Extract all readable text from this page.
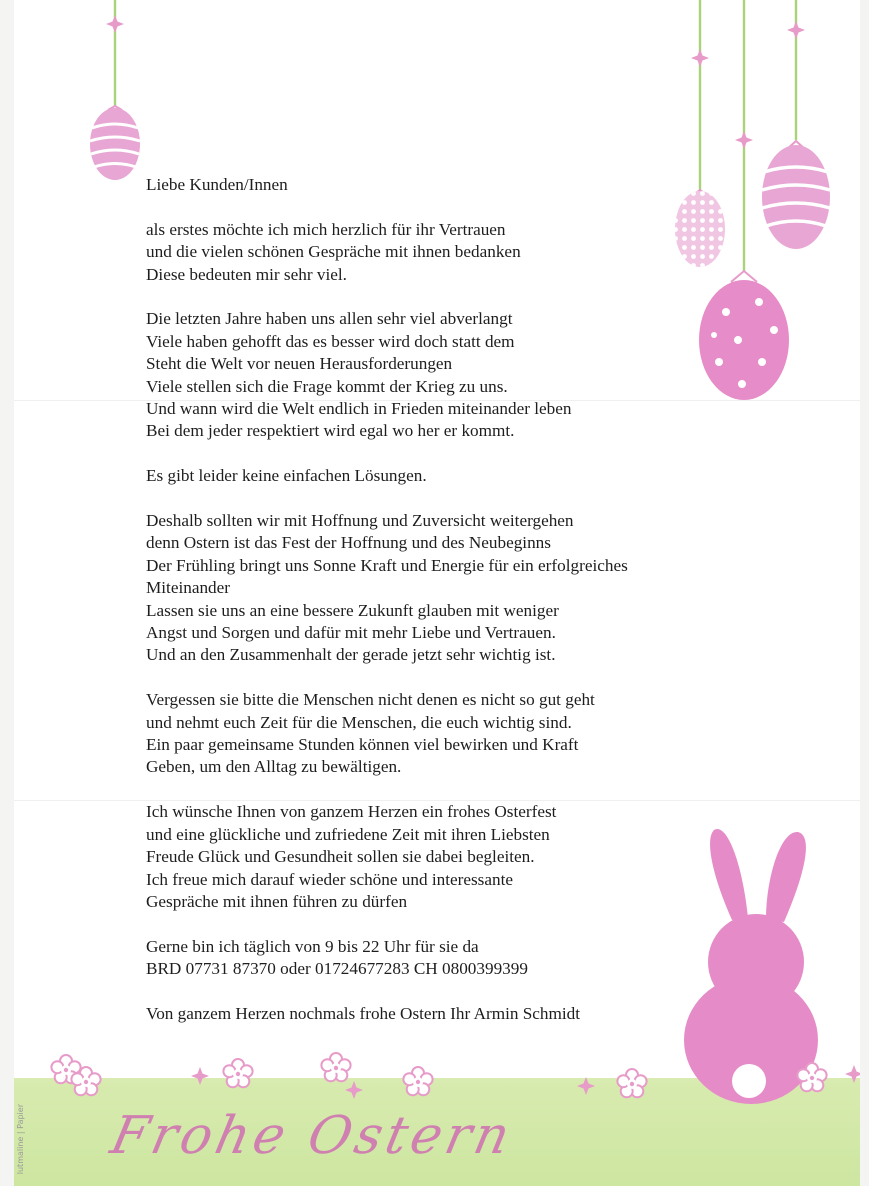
Frohe Ostern
lutmaline | Papier
Liebe Kunden/Innen
als erstes möchte ich mich herzlich für ihr Vertrauen
und die vielen schönen Gespräche mit ihnen bedanken
Diese bedeuten mir sehr viel.
Die letzten Jahre haben uns allen sehr viel abverlangt
Viele haben gehofft das es besser wird doch statt dem
Steht die Welt vor neuen Herausforderungen
Viele stellen sich die Frage kommt der Krieg zu uns.
Und wann wird die Welt endlich in Frieden miteinander leben
Bei dem jeder respektiert wird egal wo her er kommt.
Es gibt leider keine einfachen Lösungen.
Deshalb sollten wir mit Hoffnung und Zuversicht weitergehen
denn Ostern ist das Fest der Hoffnung und des Neubeginns
Der Frühling bringt uns Sonne Kraft und Energie für ein erfolgreiches
Miteinander
Lassen sie uns an eine bessere Zukunft glauben mit weniger
Angst und Sorgen und dafür mit mehr Liebe und Vertrauen.
Und an den Zusammenhalt der gerade jetzt sehr wichtig ist.
Vergessen sie bitte die Menschen nicht denen es nicht so gut geht
und nehmt euch Zeit für die Menschen, die euch wichtig sind.
Ein paar gemeinsame Stunden können viel bewirken und Kraft
Geben, um den Alltag zu bewältigen.
Ich wünsche Ihnen von ganzem Herzen ein frohes Osterfest
und eine glückliche und zufriedene Zeit mit ihren Liebsten
Freude Glück und Gesundheit sollen sie dabei begleiten.
Ich freue mich darauf wieder schöne und interessante
Gespräche mit ihnen führen zu dürfen
Gerne bin ich täglich von 9 bis 22 Uhr für sie da
BRD 07731 87370 oder 01724677283 CH 0800399399
Von ganzem Herzen nochmals frohe Ostern Ihr Armin Schmidt
